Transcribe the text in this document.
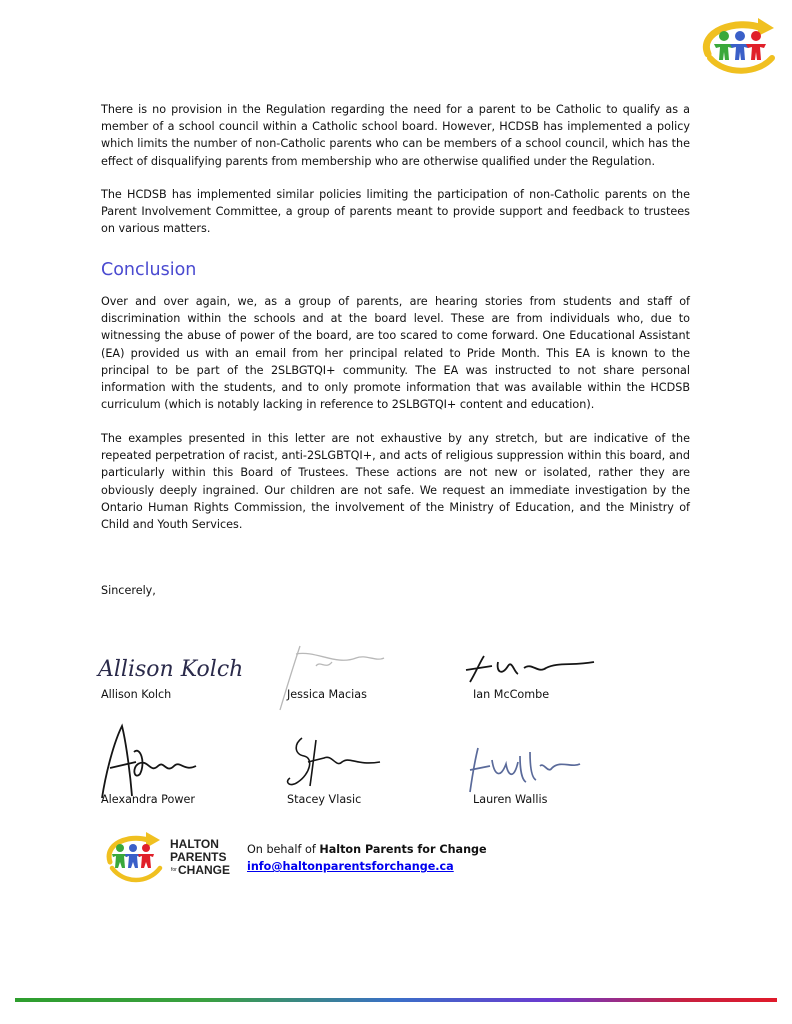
There is no provision in the Regulation regarding the need for a parent to be Catholic to qualify as a member of a school council within a Catholic school board. However, HCDSB has implemented a policy which limits the number of non-Catholic parents who can be members of a school council, which has the effect of disqualifying parents from membership who are otherwise qualified under the Regulation.

The HCDSB has implemented similar policies limiting the participation of non-Catholic parents on the Parent Involvement Committee, a group of parents meant to provide support and feedback to trustees on various matters.

Conclusion

Over and over again, we, as a group of parents, are hearing stories from students and staff of discrimination within the schools and at the board level. These are from individuals who, due to witnessing the abuse of power of the board, are too scared to come forward. One Educational Assistant (EA) provided us with an email from her principal related to Pride Month. This EA is known to the principal to be part of the 2SLBGTQI+ community. The EA was instructed to not share personal information with the students, and to only promote information that was available within the HCDSB curriculum (which is notably lacking in reference to 2SLBGTQI+ content and education).

The examples presented in this letter are not exhaustive by any stretch, but are indicative of the repeated perpetration of racist, anti-2SLGBTQI+, and acts of religious suppression within this board, and particularly within this Board of Trustees. These actions are not new or isolated, rather they are obviously deeply ingrained. Our children are not safe. We request an immediate investigation by the Ontario Human Rights Commission, the involvement of the Ministry of Education, and the Ministry of Child and Youth Services.

Sincerely,

Allison Kolch

Allison Kolch	Jessica Macias	Ian McCombe

Alexandra Power	Stacey Vlasic	Lauren Wallis

HALTON
PARENTS
for CHANGE

On behalf of Halton Parents for Change

info@haltonparentsforchange.ca
